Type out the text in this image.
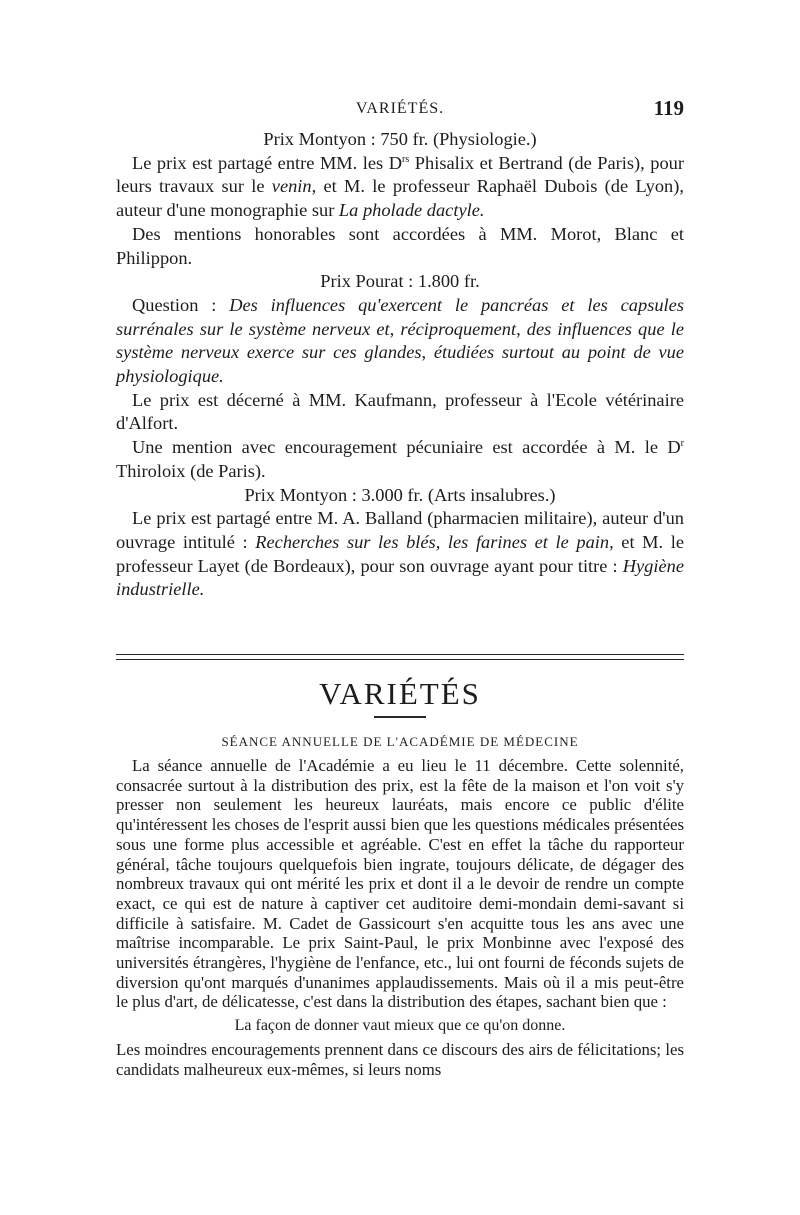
VARIÉTÉS.	119

Prix Montyon : 750 fr. (Physiologie.)

Le prix est partagé entre MM. les $D^{rs}$ Phisalix et Bertrand (de Paris), pour leurs travaux sur le venin, et M. le professeur Raphaël Dubois (de Lyon), auteur d'une monographie sur La pholade dactyle.

Des mentions honorables sont accordées à MM. Morot, Blanc et Philippon.

Prix Pourat : 1.800 fr.

Question : Des influences qu'exercent le pancréas et les capsules surrénales sur le système nerveux et, réciproquement, des influences que le système nerveux exerce sur ces glandes, étudiées surtout au point de vue physiologique.

Le prix est décerné à MM. Kaufmann, professeur à l'Ecole vétérinaire d'Alfort.

Une mention avec encouragement pécuniaire est accordée à M. le $D^r$ Thiroloix (de Paris).

Prix Montyon : 3.000 fr. (Arts insalubres.)

Le prix est partagé entre M. A. Balland (pharmacien militaire), auteur d'un ouvrage intitulé : Recherches sur les blés, les farines et le pain, et M. le professeur Layet (de Bordeaux), pour son ouvrage ayant pour titre : Hygiène industrielle.

VARIÉTÉS
SÉANCE ANNUELLE DE L'ACADÉMIE DE MÉDECINE

La séance annuelle de l'Académie a eu lieu le 11 décembre. Cette solennité, consacrée surtout à la distribution des prix, est la fête de la maison et l'on voit s'y presser non seulement les heureux lauréats, mais encore ce public d'élite qu'intéressent les choses de l'esprit aussi bien que les questions médicales présentées sous une forme plus accessible et agréable. C'est en effet la tâche du rapporteur général, tâche toujours quelquefois bien ingrate, toujours délicate, de dégager des nombreux travaux qui ont mérité les prix et dont il a le devoir de rendre un compte exact, ce qui est de nature à captiver cet auditoire demi-mondain demi-savant si difficile à satisfaire. M. Cadet de Gassicourt s'en acquitte tous les ans avec une maîtrise incomparable. Le prix Saint-Paul, le prix Monbinne avec l'exposé des universités étrangères, l'hygiène de l'enfance, etc., lui ont fourni de féconds sujets de diversion qu'ont marqués d'unanimes applaudissements. Mais où il a mis peut-être le plus d'art, de délicatesse, c'est dans la distribution des étapes, sachant bien que :

La façon de donner vaut mieux que ce qu'on donne.

Les moindres encouragements prennent dans ce discours des airs de félicitations; les candidats malheureux eux-mêmes, si leurs noms
